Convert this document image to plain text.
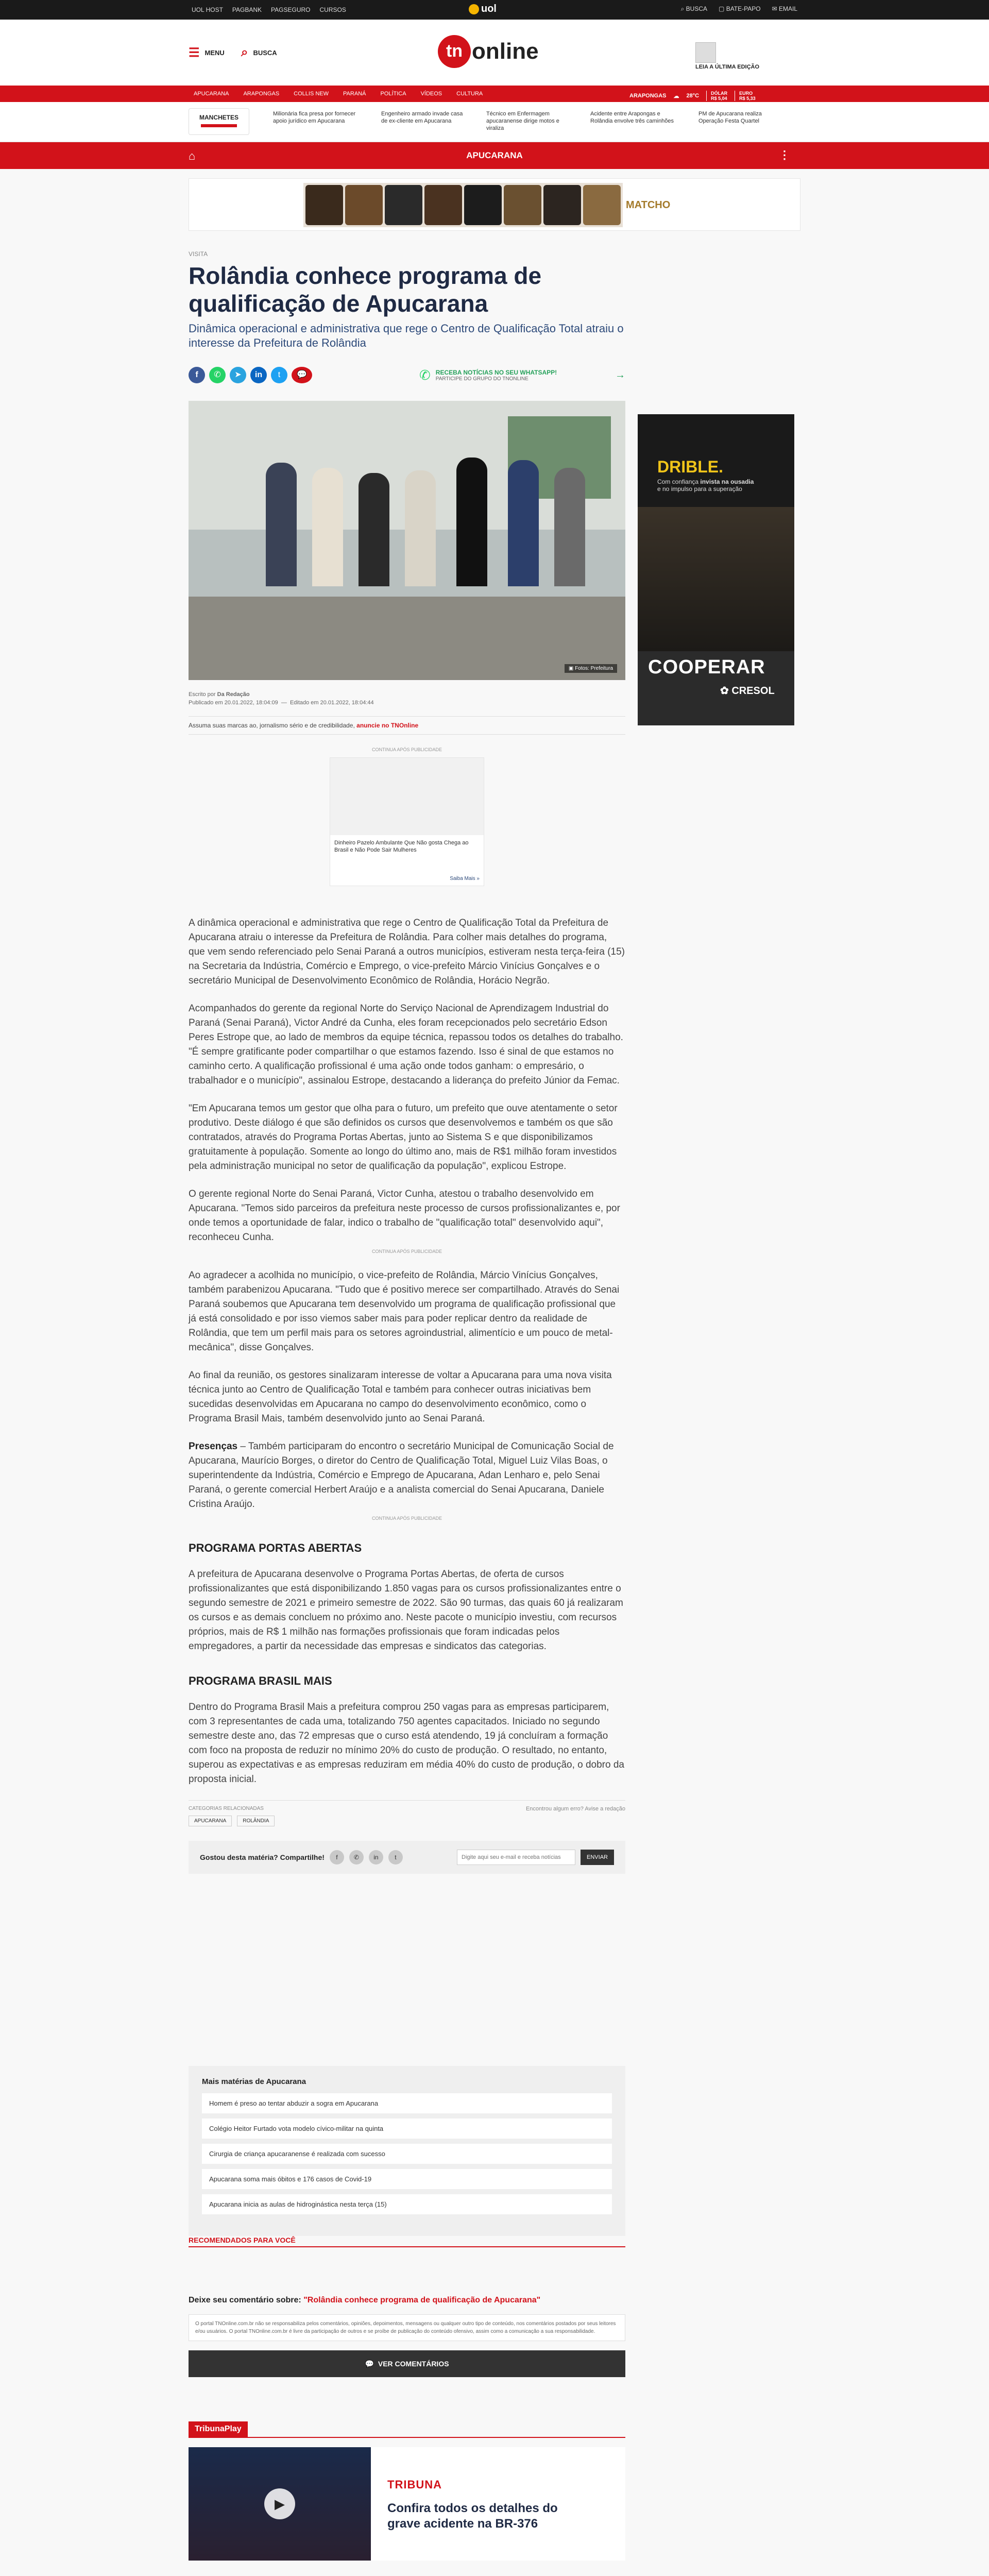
UOL HOST PAGBANK PAGSEGURO CURSOS	uol	⌕ BUSCA ▢ BATE-PAPO ✉ EMAIL
☰ MENU ⌕ BUSCA	tn online
LEIA A ÚLTIMA EDIÇÃO
APUCARANA	ARAPONGAS	COLLIS NEW	PARANÁ	POLÍTICA	VÍDEOS	CULTURA	ARAPONGAS ☁ 28°C	DÓLAR
R$ 5,04
EURO
R$ 5,33
MANCHETES	Milionária fica presa por fornecer apoio jurídico em Apucarana
Engenheiro armado invade casa de ex-cliente em Apucarana
Técnico em Enfermagem apucaranense dirige motos e viraliza
Acidente entre Arapongas e Rolândia envolve três caminhões
PM de Apucarana realiza Operação Festa Quartel
⌂	APUCARANA	⋮
MATCHO
VISITA
Rolândia conhece programa de qualificação de Apucarana
Dinâmica operacional e administrativa que rege o Centro de Qualificação Total atraiu o interesse da Prefeitura de Rolândia
f	✆	➤	in	t	💬	✆ RECEBA NOTÍCIAS NO SEU WHATSAPP!
PARTICIPE DO GRUPO DO TNONLINE	→
▣ Fotos: Prefeitura
Escrito por Da Redação
Publicado em 20.01.2022, 18:04:09  —  Editado em 20.01.2022, 18:04:44
Assuma suas marcas ao, jornalismo sério e de credibilidade, anuncie no TNOnline
CONTINUA APÓS PUBLICIDADE
Dinheiro Pazelo Ambulante Que Não gosta Chega ao Brasil e Não Pode Sair Mulheres
Saiba Mais »

A dinâmica operacional e administrativa que rege o Centro de Qualificação Total da Prefeitura de Apucarana atraiu o interesse da Prefeitura de Rolândia. Para colher mais detalhes do programa, que vem sendo referenciado pelo Senai Paraná a outros municípios, estiveram nesta terça-feira (15) na Secretaria da Indústria, Comércio e Emprego, o vice-prefeito Márcio Vinícius Gonçalves e o secretário Municipal de Desenvolvimento Econômico de Rolândia, Horácio Negrão.

Acompanhados do gerente da regional Norte do Serviço Nacional de Aprendizagem Industrial do Paraná (Senai Paraná), Victor André da Cunha, eles foram recepcionados pelo secretário Edson Peres Estrope que, ao lado de membros da equipe técnica, repassou todos os detalhes do trabalho. "É sempre gratificante poder compartilhar o que estamos fazendo. Isso é sinal de que estamos no caminho certo. A qualificação profissional é uma ação onde todos ganham: o empresário, o trabalhador e o município", assinalou Estrope, destacando a liderança do prefeito Júnior da Femac.

"Em Apucarana temos um gestor que olha para o futuro, um prefeito que ouve atentamente o setor produtivo. Deste diálogo é que são definidos os cursos que desenvolvemos e também os que são contratados, através do Programa Portas Abertas, junto ao Sistema S e que disponibilizamos gratuitamente à população. Somente ao longo do último ano, mais de R$1 milhão foram investidos pela administração municipal no setor de qualificação da população", explicou Estrope.

O gerente regional Norte do Senai Paraná, Victor Cunha, atestou o trabalho desenvolvido em Apucarana. "Temos sido parceiros da prefeitura neste processo de cursos profissionalizantes e, por onde temos a oportunidade de falar, indico o trabalho de "qualificação total" desenvolvido aqui", reconheceu Cunha.

CONTINUA APÓS PUBLICIDADE

Ao agradecer a acolhida no município, o vice-prefeito de Rolândia, Márcio Vinícius Gonçalves, também parabenizou Apucarana. "Tudo que é positivo merece ser compartilhado. Através do Senai Paraná soubemos que Apucarana tem desenvolvido um programa de qualificação profissional que já está consolidado e por isso viemos saber mais para poder replicar dentro da realidade de Rolândia, que tem um perfil mais para os setores agroindustrial, alimentício e um pouco de metal-mecânica", disse Gonçalves.

Ao final da reunião, os gestores sinalizaram interesse de voltar a Apucarana para uma nova visita técnica junto ao Centro de Qualificação Total e também para conhecer outras iniciativas bem sucedidas desenvolvidas em Apucarana no campo do desenvolvimento econômico, como o Programa Brasil Mais, também desenvolvido junto ao Senai Paraná.

Presenças – Também participaram do encontro o secretário Municipal de Comunicação Social de Apucarana, Maurício Borges, o diretor do Centro de Qualificação Total, Miguel Luiz Vilas Boas, o superintendente da Indústria, Comércio e Emprego de Apucarana, Adan Lenharo e, pelo Senai Paraná, o gerente comercial Herbert Araújo e a analista comercial do Senai Apucarana, Daniele Cristina Araújo.

CONTINUA APÓS PUBLICIDADE
PROGRAMA PORTAS ABERTAS

A prefeitura de Apucarana desenvolve o Programa Portas Abertas, de oferta de cursos profissionalizantes que está disponibilizando 1.850 vagas para os cursos profissionalizantes entre o segundo semestre de 2021 e primeiro semestre de 2022. São 90 turmas, das quais 60 já realizaram os cursos e as demais concluem no próximo ano. Neste pacote o município investiu, com recursos próprios, mais de R$ 1 milhão nas formações profissionais que foram indicadas pelos empregadores, a partir da necessidade das empresas e sindicatos das categorias.

PROGRAMA BRASIL MAIS

Dentro do Programa Brasil Mais a prefeitura comprou 250 vagas para as empresas participarem, com 3 representantes de cada uma, totalizando 750 agentes capacitados. Iniciado no segundo semestre deste ano, das 72 empresas que o curso está atendendo, 19 já concluíram a formação com foco na proposta de reduzir no mínimo 20% do custo de produção. O resultado, no entanto, superou as expectativas e as empresas reduziram em média 40% do custo de produção, o dobro da proposta inicial.

CATEGORIAS RELACIONADAS
APUCARANA	ROLÂNDIA
Encontrou algum erro? Avise a redação
Gostou desta matéria? Compartilhe!	f	✆	in	t
Digite aqui seu e-mail e receba notícias	ENVIAR
DRIBLE.
Com confiança invista na ousadia
e no impulso para a superação
COOPERAR
✿ CRESOL
Mais matérias de Apucarana
Homem é preso ao tentar abduzir a sogra em Apucarana
Colégio Heitor Furtado vota modelo cívico-militar na quinta
Cirurgia de criança apucaranense é realizada com sucesso
Apucarana soma mais óbitos e 176 casos de Covid-19
Apucarana inicia as aulas de hidroginástica nesta terça (15)
RECOMENDADOS PARA VOCÊ
Deixe seu comentário sobre: "Rolândia conhece programa de qualificação de Apucarana"
O portal TNOnline.com.br não se responsabiliza pelos comentários, opiniões, depoimentos, mensagens ou qualquer outro tipo de conteúdo, nos comentários postados por seus leitores e/ou usuários. O portal TNOnline.com.br é livre da participação de outros e se proíbe de publicação do conteúdo ofensivo, assim como a comunicação a sua responsabilidade.
💬 VER COMENTÁRIOS
TribunaPlay
▶
TRIBUNA
Confira todos os detalhes do grave acidente na BR-376
